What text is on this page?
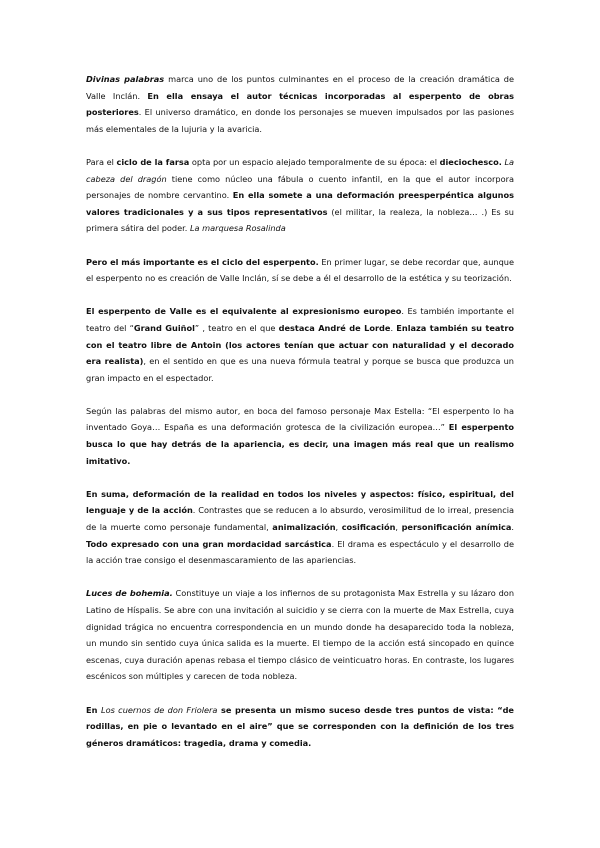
Divinas palabras marca uno de los puntos culminantes en el proceso de la creación dramática de Valle Inclán. En ella ensaya el autor técnicas incorporadas al esperpento de obras posteriores. El universo dramático, en donde los personajes se mueven impulsados por las pasiones más elementales de la lujuria y la avaricia.

Para el ciclo de la farsa opta por un espacio alejado temporalmente de su época: el dieciochesco. La cabeza del dragón tiene como núcleo una fábula o cuento infantil, en la que el autor incorpora personajes de nombre cervantino. En ella somete a una deformación preesperpéntica algunos valores tradicionales y a sus tipos representativos (el militar, la realeza, la nobleza… .) Es su primera sátira del poder. La marquesa Rosalinda

Pero el más importante es el ciclo del esperpento. En primer lugar, se debe recordar que, aunque el esperpento no es creación de Valle Inclán, sí se debe a él el desarrollo de la estética y su teorización.

El esperpento de Valle es el equivalente al expresionismo europeo. Es también importante el teatro del “Grand Guiñol” , teatro en el que destaca André de Lorde. Enlaza también su teatro con el teatro libre de Antoin (los actores tenían que actuar con naturalidad y el decorado era realista), en el sentido en que es una nueva fórmula teatral y porque se busca que produzca un gran impacto en el espectador.

Según las palabras del mismo autor, en boca del famoso personaje Max Estella: “El esperpento lo ha inventado Goya… España es una deformación grotesca de la civilización europea…” El esperpento busca lo que hay detrás de la apariencia, es decir, una imagen más real que un realismo imitativo.

En suma, deformación de la realidad en todos los niveles y aspectos: físico, espiritual, del lenguaje y de la acción. Contrastes que se reducen a lo absurdo, verosimilitud de lo irreal, presencia de la muerte como personaje fundamental, animalización, cosificación, personificación anímica. Todo expresado con una gran mordacidad sarcástica. El drama es espectáculo y el desarrollo de la acción trae consigo el desenmascaramiento de las apariencias.

Luces de bohemia. Constituye un viaje a los infiernos de su protagonista Max Estrella y su lázaro don Latino de Híspalis. Se abre con una invitación al suicidio y se cierra con la muerte de Max Estrella, cuya dignidad trágica no encuentra correspondencia en un mundo donde ha desaparecido toda la nobleza, un mundo sin sentido cuya única salida es la muerte. El tiempo de la acción está sincopado en quince escenas, cuya duración apenas rebasa el tiempo clásico de veinticuatro horas. En contraste, los lugares escénicos son múltiples y carecen de toda nobleza.

En Los cuernos de don Friolera se presenta un mismo suceso desde tres puntos de vista: “de rodillas, en pie o levantado en el aire” que se corresponden con la definición de los tres géneros dramáticos: tragedia, drama y comedia.
